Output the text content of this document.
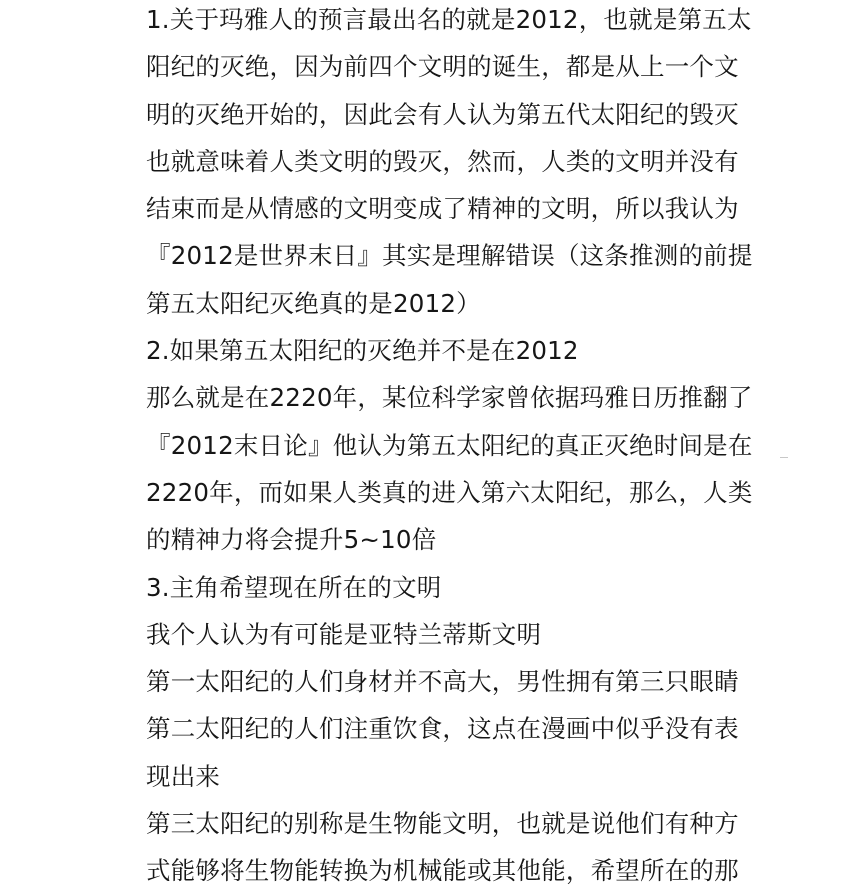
1.关于玛雅人的预言最出名的就是2012，也就是第五太
阳纪的灭绝，因为前四个文明的诞生，都是从上一个文
明的灭绝开始的，因此会有人认为第五代太阳纪的毁灭
也就意味着人类文明的毁灭，然而，人类的文明并没有
结束而是从情感的文明变成了精神的文明，所以我认为
『2012是世界末日』其实是理解错误（这条推测的前提
第五太阳纪灭绝真的是2012）
2.如果第五太阳纪的灭绝并不是在2012
那么就是在2220年，某位科学家曾依据玛雅日历推翻了
『2012末日论』他认为第五太阳纪的真正灭绝时间是在
2220年，而如果人类真的进入第六太阳纪，那么，人类
的精神力将会提升5~10倍
3.主角希望现在所在的文明
我个人认为有可能是亚特兰蒂斯文明
第一太阳纪的人们身材并不高大，男性拥有第三只眼睛
第二太阳纪的人们注重饮食，这点在漫画中似乎没有表
现出来
第三太阳纪的别称是生物能文明，也就是说他们有种方
式能够将生物能转换为机械能或其他能，希望所在的那
